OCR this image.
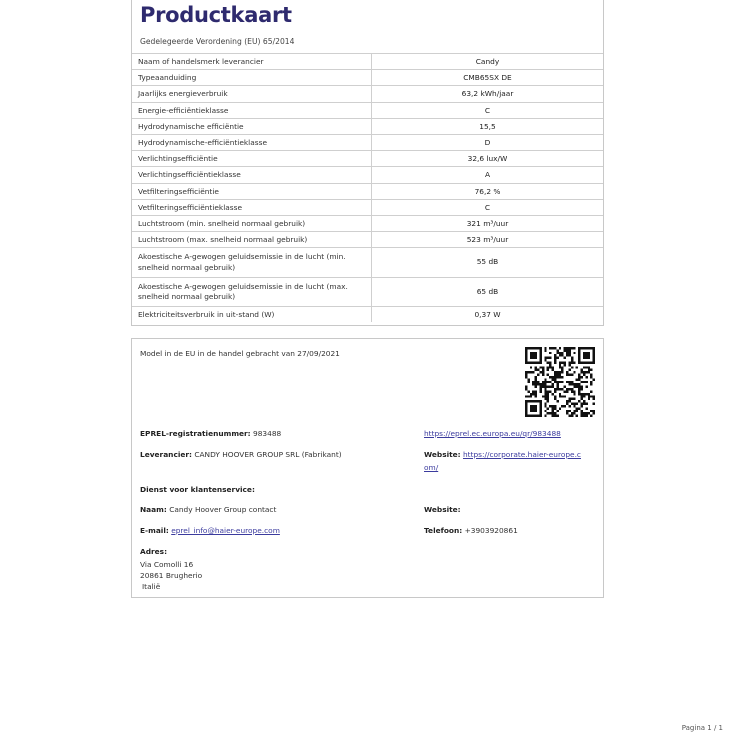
Productkaart
Gedelegeerde Verordening (EU) 65/2014
Naam of handelsmerk leverancier	Candy
Typeaanduiding	CMB65SX DE
Jaarlijks energieverbruik	63,2 kWh/jaar
Energie-efficiëntieklasse	C
Hydrodynamische efficiëntie	15,5
Hydrodynamische-efficiëntieklasse	D
Verlichtingsefficiëntie	32,6 lux/W
Verlichtingsefficiëntieklasse	A
Vetfilteringsefficiëntie	76,2 %
Vetfilteringsefficiëntieklasse	C
Luchtstroom (min. snelheid normaal gebruik)	321 m³/uur
Luchtstroom (max. snelheid normaal gebruik)	523 m³/uur
Akoestische A-gewogen geluidsemissie in de lucht (min. snelheid normaal gebruik)	55 dB
Akoestische A-gewogen geluidsemissie in de lucht (max. snelheid normaal gebruik)	65 dB
Elektriciteitsverbruik in uit-stand (W)	0,37 W
Model in de EU in de handel gebracht van 27/09/2021
EPREL-registratienummer: 983488	https://eprel.ec.europa.eu/qr/983488
Leverancier: CANDY HOOVER GROUP SRL (Fabrikant)	Website: https://corporate.haier-europe.c
om/
Dienst voor klantenservice:
Naam: Candy Hoover Group contact	Website:
E-mail: eprel_info@haier-europe.com	Telefoon: +3903920861
Adres:
Via Comolli 16
20861 Brugherio
Italië
Pagina 1 / 1
